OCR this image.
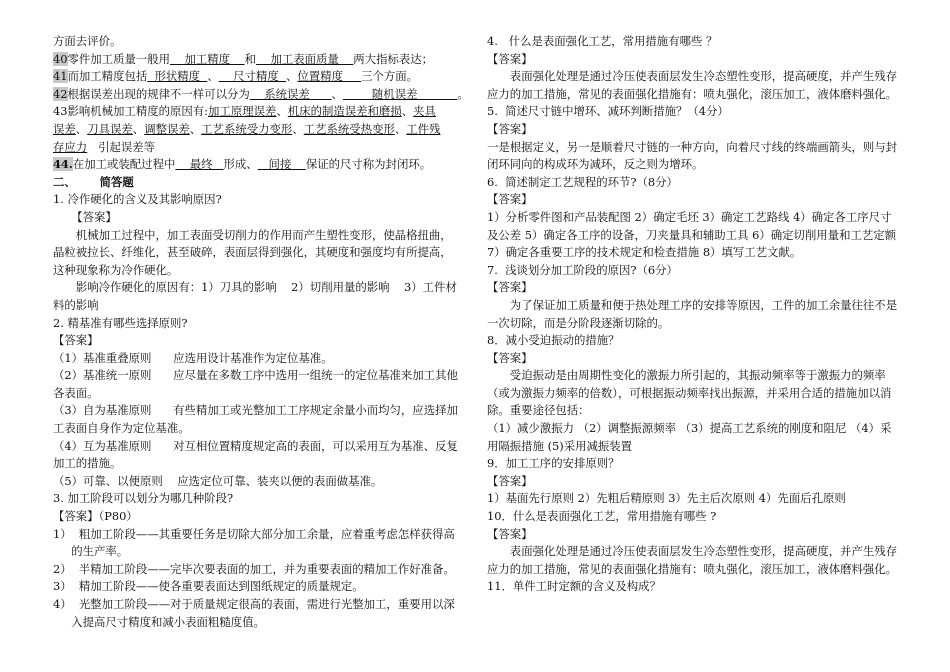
方面去评价。
40零件加工质量一般用    加工精度    和    加工表面质量    两大指标表达；
41而加工精度包括  形状精度  、    尺寸精度  、位置精度     三个方面。
42根据误差出现的规律不一样可以分为    系统误差      、        随机误差           。
43影响机械加工精度的原因有:加工原理误差、机床的制造误差和磨损、夹具
误差、刀具误差、调整误差、工艺系统受力变形、工艺系统受热变形、工件残
存应力 引起误差等
44.在加工或装配过程中    最终   形成、   间接    保证的尺寸称为封闭环。
二、      简答题
1. 冷作硬化的含义及其影响原因?
【答案】
机械加工过程中，加工表面受切削力的作用而产生塑性变形，使晶格扭曲，晶粒被拉长、纤维化，甚至破碎，表面层得到强化，其硬度和强度均有所提高，这种现象称为冷作硬化。
影响冷作硬化的原因有：1）刀具的影响    2）切削用量的影响    3）工件材料的影响
2. 精基准有哪些选择原则?
【答案】
（1）基准重叠原则      应选用设计基准作为定位基准。
（2）基准统一原则      应尽量在多数工序中选用一组统一的定位基准来加工其他各表面。
（3）自为基准原则      有些精加工或光整加工工序规定余量小而均匀，应选择加工表面自身作为定位基准。
（4）互为基准原则      对互相位置精度规定高的表面，可以采用互为基准、反复加工的措施。
（5）可靠、以便原则    应选定位可靠、装夹以便的表面做基准。
3. 加工阶段可以划分为哪几种阶段?
【答案】（P80）
1）  粗加工阶段——其重要任务是切除大部分加工余量，应着重考虑怎样获得高的生产率。
2）  半精加工阶段——完毕次要表面的加工，并为重要表面的精加工作好准备。
3）  精加工阶段——使各重要表面达到图纸规定的质量规定。
4）  光整加工阶段——对于质量规定很高的表面，需进行光整加工，重要用以深入提高尺寸精度和减小表面粗糙度值。
4.   什么是表面强化工艺，常用措施有哪些 ？
【答案】
表面强化处理是通过冷压使表面层发生冷态塑性变形，提高硬度，并产生残存应力的加工措施，常见的表面强化措施有：喷丸强化，滚压加工，液体磨料强化。
5.  简述尺寸链中增环、减环判断措施？（4分）
【答案】
一是根据定义，另一是顺着尺寸链的一种方向，向着尺寸线的终端画箭头，则与封闭环同向的构成环为减环，反之则为增环。
6.  简述制定工艺规程的环节?（8分）
【答案】
1）分析零件图和产品装配图 2）确定毛坯 3）确定工艺路线 4）确定各工序尺寸及公差 5）确定各工序的设备，刀夹量具和辅助工具 6）确定切削用量和工艺定额 7）确定各重要工序的技术规定和检查措施 8）填写工艺文献。
7.  浅谈划分加工阶段的原因?（6分）
【答案】
为了保证加工质量和便于热处理工序的安排等原因，工件的加工余量往往不是一次切除，而是分阶段逐渐切除的。
8．减小受迫振动的措施？
【答案】
受迫振动是由周期性变化的激振力所引起的，其振动频率等于激振力的频率（或为激振力频率的倍数），可根据振动频率找出振源，并采用合适的措施加以消除。重要途径包括：
（1）减少激振力 （2）调整振源频率 （3）提高工艺系统的刚度和阻尼 （4）采用隔振措施 (5)采用减振装置
9．加工工序的安排原则？
【答案】
1）基面先行原则 2）先粗后精原则 3）先主后次原则 4）先面后孔原则
10．什么是表面强化工艺，常用措施有哪些 ?
【答案】
表面强化处理是通过冷压使表面层发生冷态塑性变形，提高硬度，并产生残存应力的加工措施，常见的表面强化措施有：喷丸强化，滚压加工，液体磨料强化。
11．单件工时定额的含义及构成？
